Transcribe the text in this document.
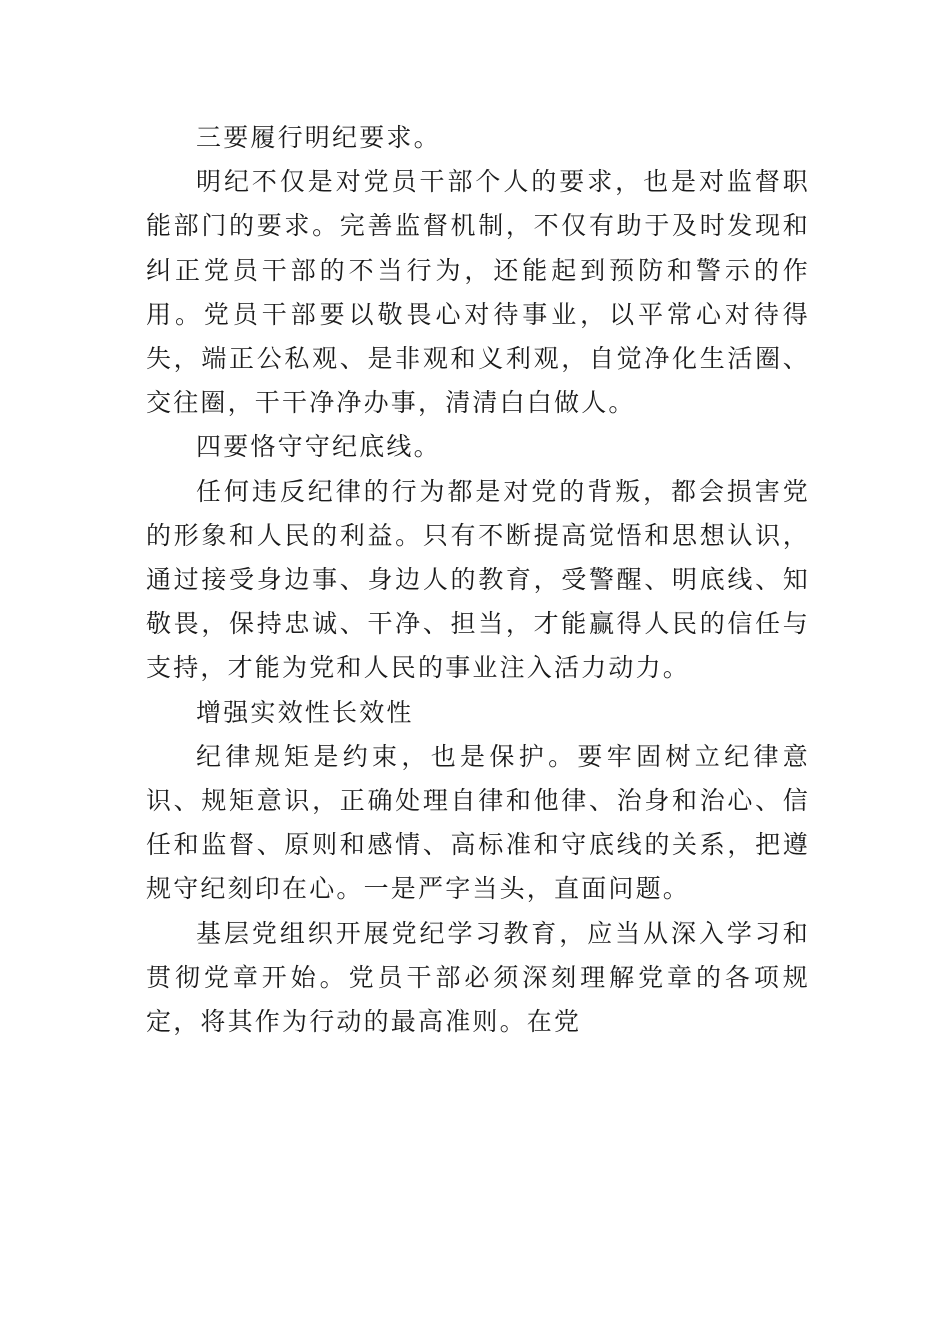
三要履行明纪要求。

明纪不仅是对党员干部个人的要求，也是对监督职能部门的要求。完善监督机制，不仅有助于及时发现和纠正党员干部的不当行为，还能起到预防和警示的作用。党员干部要以敬畏心对待事业，以平常心对待得失，端正公私观、是非观和义利观，自觉净化生活圈、交往圈，干干净净办事，清清白白做人。

四要恪守守纪底线。

任何违反纪律的行为都是对党的背叛，都会损害党的形象和人民的利益。只有不断提高觉悟和思想认识，通过接受身边事、身边人的教育，受警醒、明底线、知敬畏，保持忠诚、干净、担当，才能赢得人民的信任与支持，才能为党和人民的事业注入活力动力。

增强实效性长效性

纪律规矩是约束，也是保护。要牢固树立纪律意识、规矩意识，正确处理自律和他律、治身和治心、信任和监督、原则和感情、高标准和守底线的关系，把遵规守纪刻印在心。一是严字当头，直面问题。

基层党组织开展党纪学习教育，应当从深入学习和贯彻党章开始。党员干部必须深刻理解党章的各项规定，将其作为行动的最高准则。在党
